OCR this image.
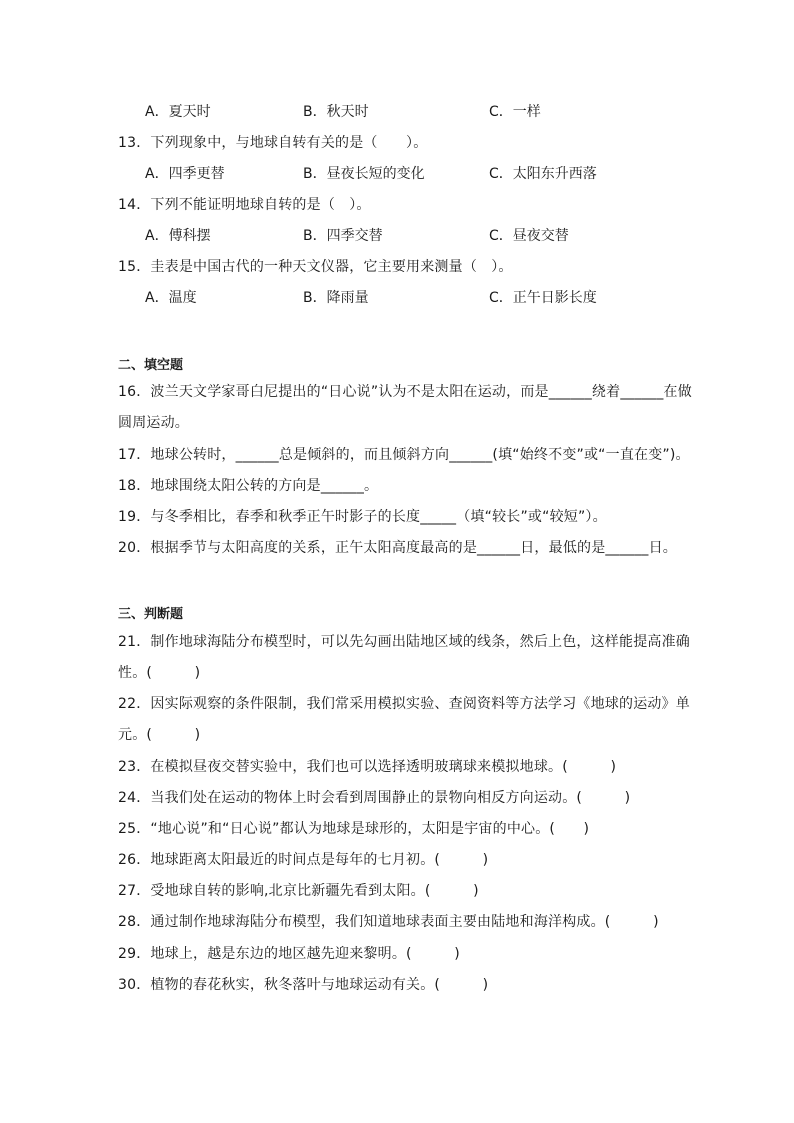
A．夏天时	B．秋天时	C．一样
13．下列现象中，与地球自转有关的是（　　）。
A．四季更替	B．昼夜长短的变化	C．太阳东升西落
14．下列不能证明地球自转的是（　）。
A．傅科摆	B．四季交替	C．昼夜交替
15．圭表是中国古代的一种天文仪器，它主要用来测量（　）。
A．温度	B．降雨量	C．正午日影长度
二、填空题
16．波兰天文学家哥白尼提出的“日心说”认为不是太阳在运动，而是______绕着______在做
圆周运动。
17．地球公转时，______总是倾斜的，而且倾斜方向______(填“始终不变”或“一直在变”)。
18．地球围绕太阳公转的方向是______。
19．与冬季相比，春季和秋季正午时影子的长度_____（填“较长”或“较短”）。
20．根据季节与太阳高度的关系，正午太阳高度最高的是______日，最低的是______日。
三、判断题
21．制作地球海陆分布模型时，可以先勾画出陆地区域的线条，然后上色，这样能提高准确
性。(　　　)
22．因实际观察的条件限制，我们常采用模拟实验、查阅资料等方法学习《地球的运动》单
元。(　　　)
23．在模拟昼夜交替实验中，我们也可以选择透明玻璃球来模拟地球。(　　　)
24．当我们处在运动的物体上时会看到周围静止的景物向相反方向运动。(　　　)
25．“地心说”和“日心说”都认为地球是球形的，太阳是宇宙的中心。(　　)
26．地球距离太阳最近的时间点是每年的七月初。(　　　)
27．受地球自转的影响,北京比新疆先看到太阳。(　　　)
28．通过制作地球海陆分布模型，我们知道地球表面主要由陆地和海洋构成。(　　　)
29．地球上，越是东边的地区越先迎来黎明。(　　　)
30．植物的春花秋实，秋冬落叶与地球运动有关。(　　　)
